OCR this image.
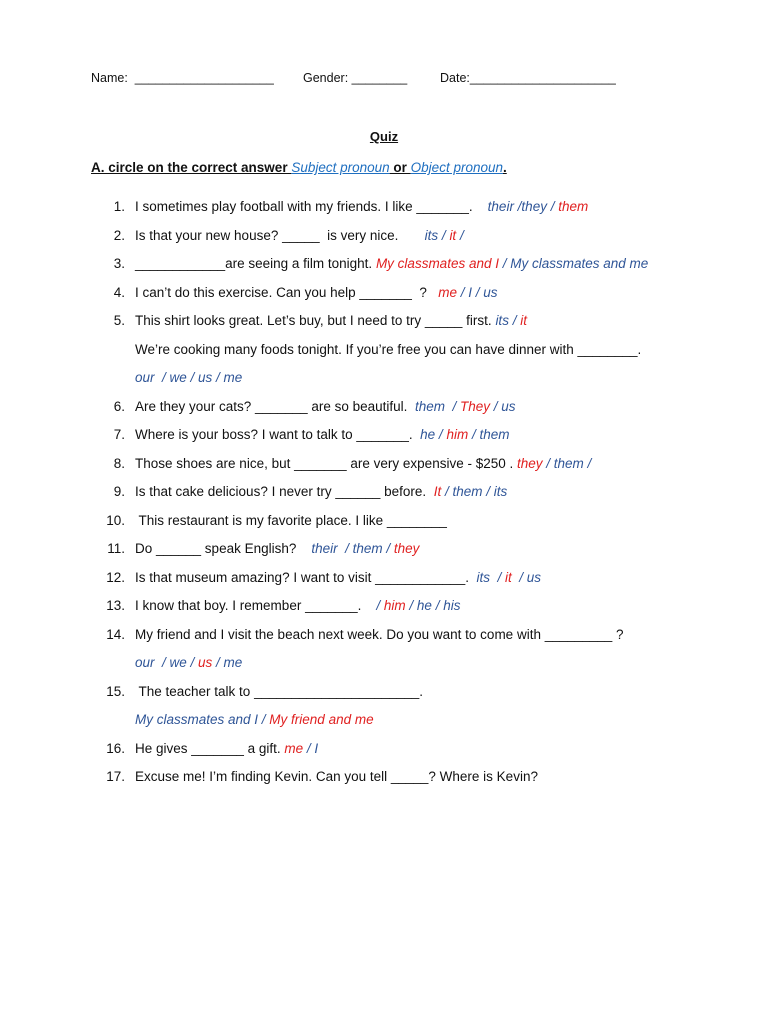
Name:  ____________________ Gender: ________	Date:_____________________
Quiz
A. circle on the correct answer Subject pronoun or Object pronoun.
1. I sometimes play football with my friends. I like _______.    their /they / them
2. Is that your new house? _____  is very nice.       its / it /
3. ____________are seeing a film tonight. My classmates and I / My classmates and me
4. I can’t do this exercise. Can you help _______  ?   me / I / us
5. This shirt looks great. Let’s buy, but I need to try _____ first. its / it
We’re cooking many foods tonight. If you’re free you can have dinner with ________.
our  / we / us / me
6. Are they your cats? _______ are so beautiful.  them  / They / us
7. Where is your boss? I want to talk to _______.  he / him / them
8. Those shoes are nice, but _______ are very expensive - $250 . they / them /
9. Is that cake delicious? I never try ______ before.  It / them / its
10. This restaurant is my favorite place. I like ________
11. Do ______ speak English?    their  / them / they
12. Is that museum amazing? I want to visit ____________.  its  / it  / us
13. I know that boy. I remember _______.    / him / he / his
14. My friend and I visit the beach next week. Do you want to come with _________ ?
our  / we / us / me
15. The teacher talk to ______________________.
My classmates and I / My friend and me
16. He gives _______ a gift. me / I
17. Excuse me! I’m finding Kevin. Can you tell _____? Where is Kevin?
